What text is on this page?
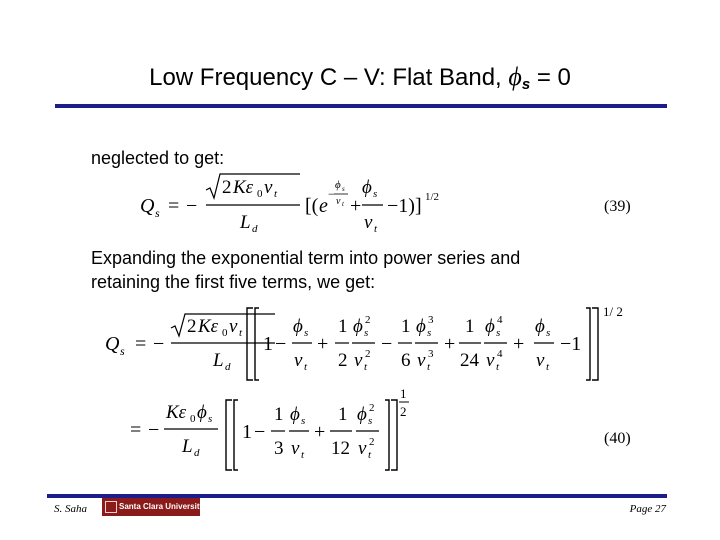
Low Frequency C – V: Flat Band, $\phi_s = 0$
neglected to get:
Q s = −
2 Kε 0 v t
L d
[( e
−
ϕ s
v t +
ϕ s
v t
−1)] 1/2
(39)
Expanding the exponential term into power series and
retaining the first five terms, we get:
Q s = −
2 Kε 0 v t
L d
1 −
ϕ s
v t
+
1
2
ϕ s
2
v t
2 −
1
6
ϕ s
3
v t
3 +
1
24
ϕ s
4
v t
4 +
ϕ s
v t
−1
1/ 2
= −
Kε 0 ϕ s
L d
1 −
1
3
ϕ s
v t
+
1
12
ϕ s
2
v t
2
1
2
(40)
S. Saha	Santa Clara University	Page 27
